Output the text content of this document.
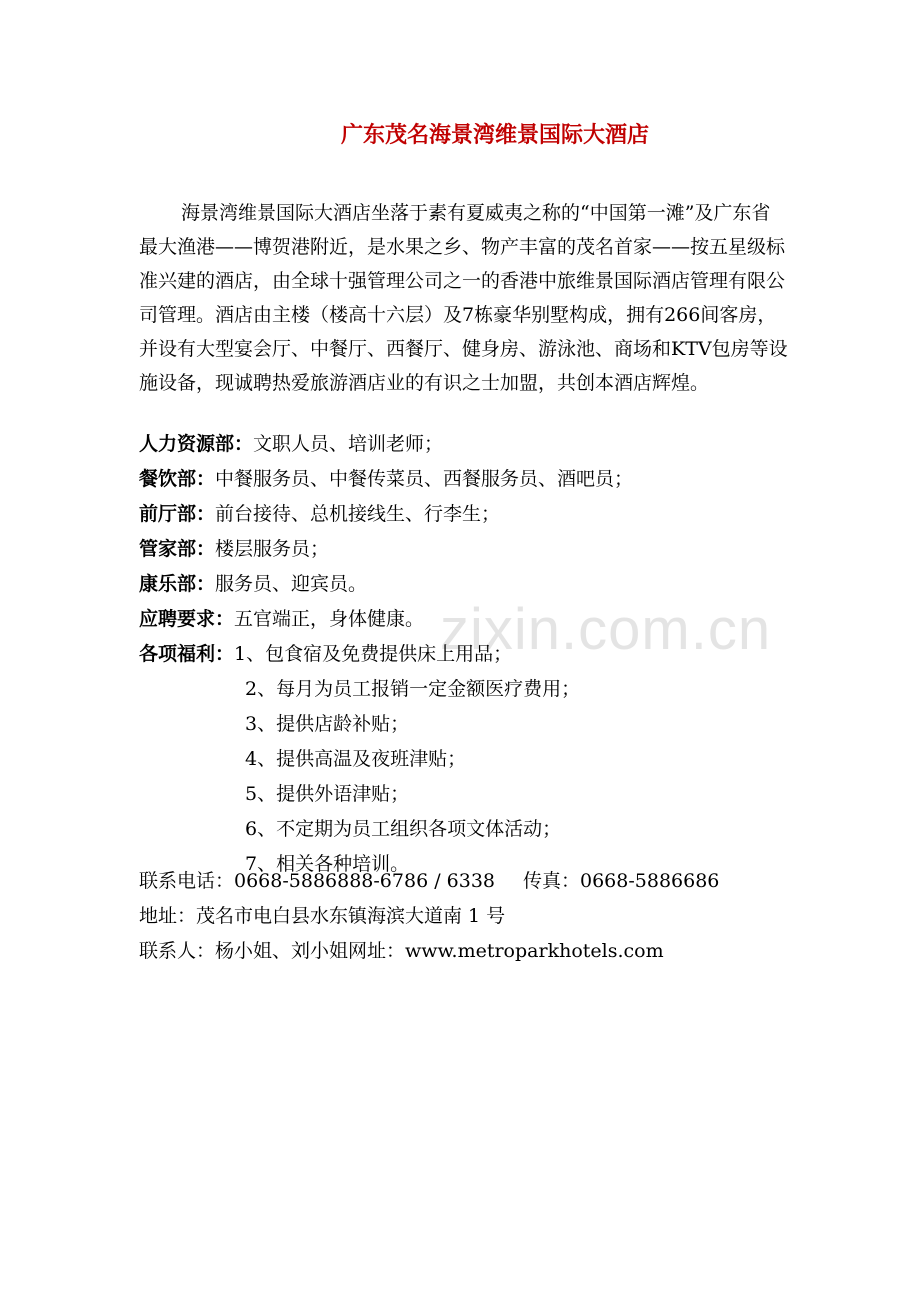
zixin.com.cn
广东茂名海景湾维景国际大酒店

海景湾维景国际大酒店坐落于素有夏威夷之称的“中国第一滩”及广东省最大渔港——博贺港附近，是水果之乡、物产丰富的茂名首家——按五星级标准兴建的酒店，由全球十强管理公司之一的香港中旅维景国际酒店管理有限公司管理。酒店由主楼（楼高十六层）及7栋豪华别墅构成，拥有266间客房，并设有大型宴会厅、中餐厅、西餐厅、健身房、游泳池、商场和KTV包房等设施设备，现诚聘热爱旅游酒店业的有识之士加盟，共创本酒店辉煌。

人力资源部：文职人员、培训老师；
餐饮部：中餐服务员、中餐传菜员、西餐服务员、酒吧员；
前厅部：前台接待、总机接线生、行李生；
管家部：楼层服务员；
康乐部：服务员、迎宾员。
应聘要求：五官端正，身体健康。
各项福利：1、包食宿及免费提供床上用品；
2、每月为员工报销一定金额医疗费用；
3、提供店龄补贴；
4、提供高温及夜班津贴；
5、提供外语津贴；
6、不定期为员工组织各项文体活动；
7、相关各种培训。
联系电话：0668-5886888-6786 / 6338 传真：0668-5886686
地址：茂名市电白县水东镇海滨大道南 1 号
联系人：杨小姐、刘小姐网址：www.metroparkhotels.com
